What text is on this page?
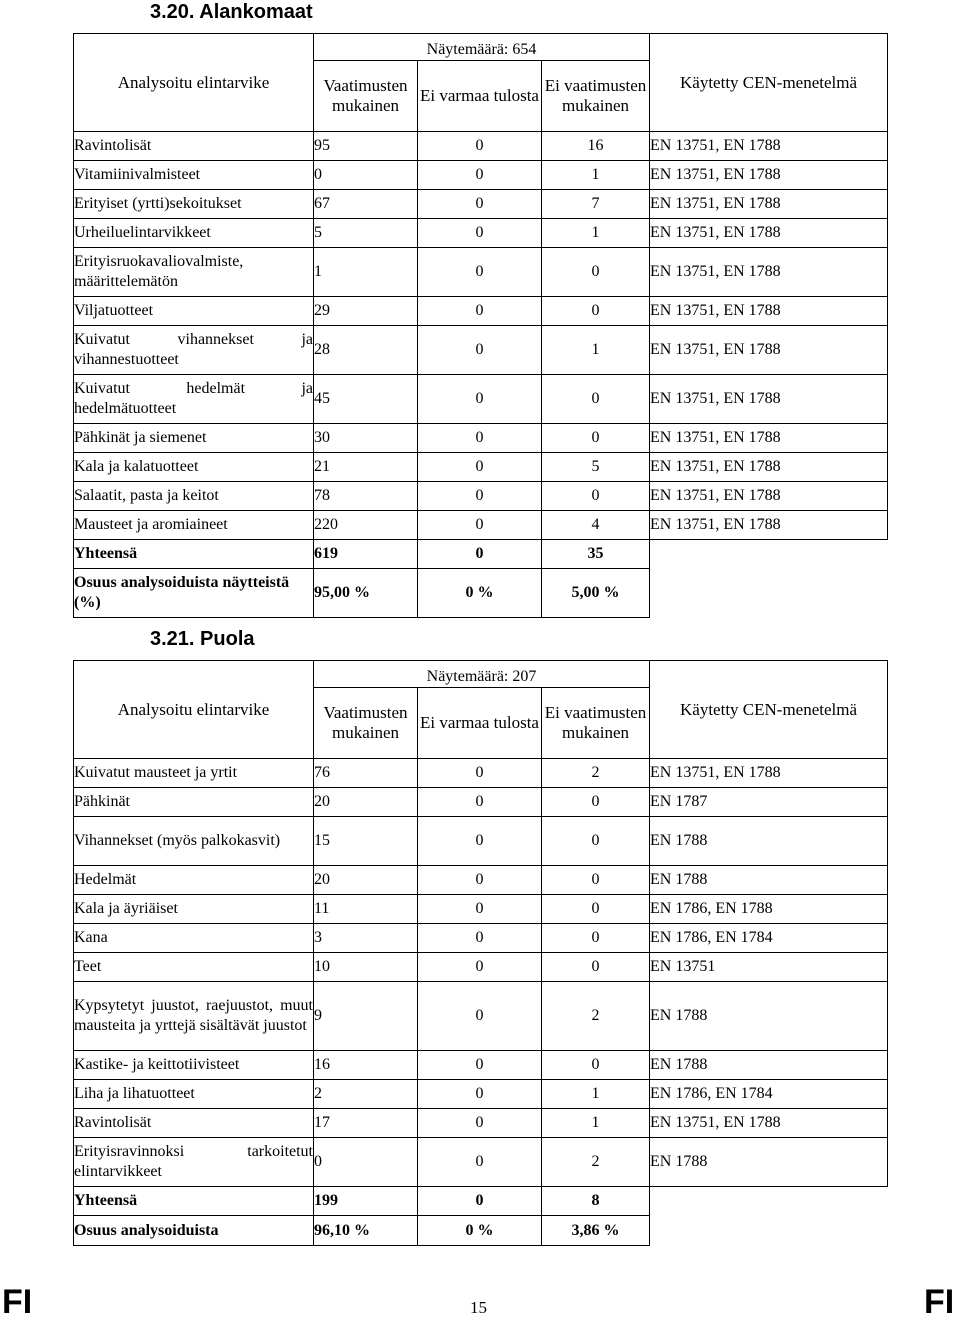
3.20. Alankomaat
Analysoitu elintarvike	Näytemäärä: 654			Käytetty CEN-menetelmä
	Vaatimusten mukainen	Ei varmaa tulosta	Ei vaatimusten mukainen	
Ravintolisät	95	0	16	EN 13751, EN 1788
Vitamiinivalmisteet	0	0	1	EN 13751, EN 1788
Erityiset (yrtti)sekoitukset	67	0	7	EN 13751, EN 1788
Urheiluelintarvikkeet	5	0	1	EN 13751, EN 1788
Erityisruokavaliovalmiste, määrittelemätön	1	0	0	EN 13751, EN 1788
Viljatuotteet	29	0	0	EN 13751, EN 1788
Kuivatut vihannekset ja vihannestuotteet	28	0	1	EN 13751, EN 1788
Kuivatut hedelmät ja hedelmätuotteet	45	0	0	EN 13751, EN 1788
Pähkinät ja siemenet	30	0	0	EN 13751, EN 1788
Kala ja kalatuotteet	21	0	5	EN 13751, EN 1788
Salaatit, pasta ja keitot	78	0	0	EN 13751, EN 1788
Mausteet ja aromiaineet	220	0	4	EN 13751, EN 1788
Yhteensä	619	0	35	
Osuus analysoiduista näytteistä (%)	95,00 %	0 %	5,00 %	
3.21. Puola
Analysoitu elintarvike	Näytemäärä: 207			Käytetty CEN-menetelmä
	Vaatimusten mukainen	Ei varmaa tulosta	Ei vaatimusten mukainen	
Kuivatut mausteet ja yrtit	76	0	2	EN 13751, EN 1788
Pähkinät	20	0	0	EN 1787
Vihannekset (myös palkokasvit)	15	0	0	EN 1788
Hedelmät	20	0	0	EN 1788
Kala ja äyriäiset	11	0	0	EN 1786, EN 1788
Kana	3	0	0	EN 1786, EN 1784
Teet	10	0	0	EN 13751
Kypsytetyt juustot, raejuustot, muut mausteita ja yrttejä sisältävät juustot	9	0	2	EN 1788
Kastike- ja keittotiivisteet	16	0	0	EN 1788
Liha ja lihatuotteet	2	0	1	EN 1786, EN 1784
Ravintolisät	17	0	1	EN 13751, EN 1788
Erityisravinnoksi tarkoitetut elintarvikkeet	0	0	2	EN 1788
Yhteensä	199	0	8	
Osuus analysoiduista	96,10 %	0 %	3,86 %	
FI	15	FI
